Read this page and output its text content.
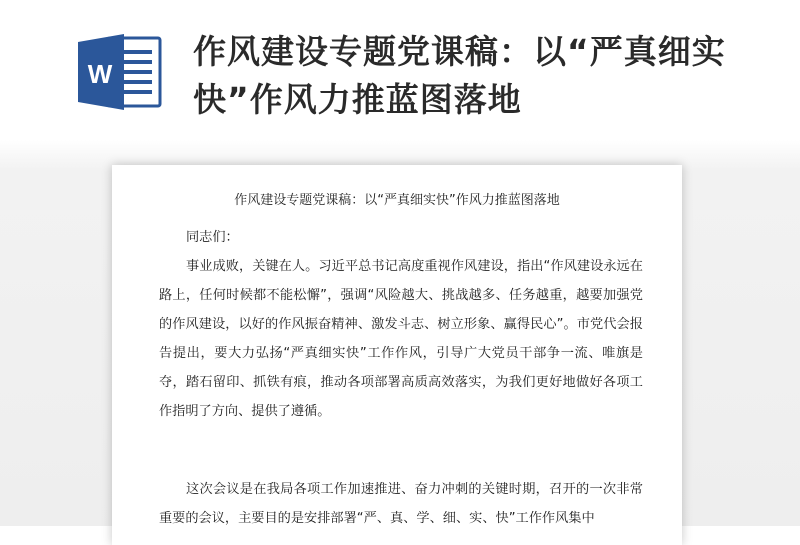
W
作风建设专题党课稿：以“严真细实快”作风力推蓝图落地
作风建设专题党课稿：以“严真细实快”作风力推蓝图落地
同志们：
事业成败，关键在人。习近平总书记高度重视作风建设，指出“作风建设永远在路上，任何时候都不能松懈”，强调“风险越大、挑战越多、任务越重，越要加强党的作风建设，以好的作风振奋精神、激发斗志、树立形象、赢得民心”。市党代会报告提出，要大力弘扬“严真细实快”工作作风，引导广大党员干部争一流、唯旗是夺，踏石留印、抓铁有痕，推动各项部署高质高效落实，为我们更好地做好各项工作指明了方向、提供了遵循。
这次会议是在我局各项工作加速推进、奋力冲刺的关键时期，召开的一次非常重要的会议，主要目的是安排部署“严、真、学、细、实、快”工作作风集中
